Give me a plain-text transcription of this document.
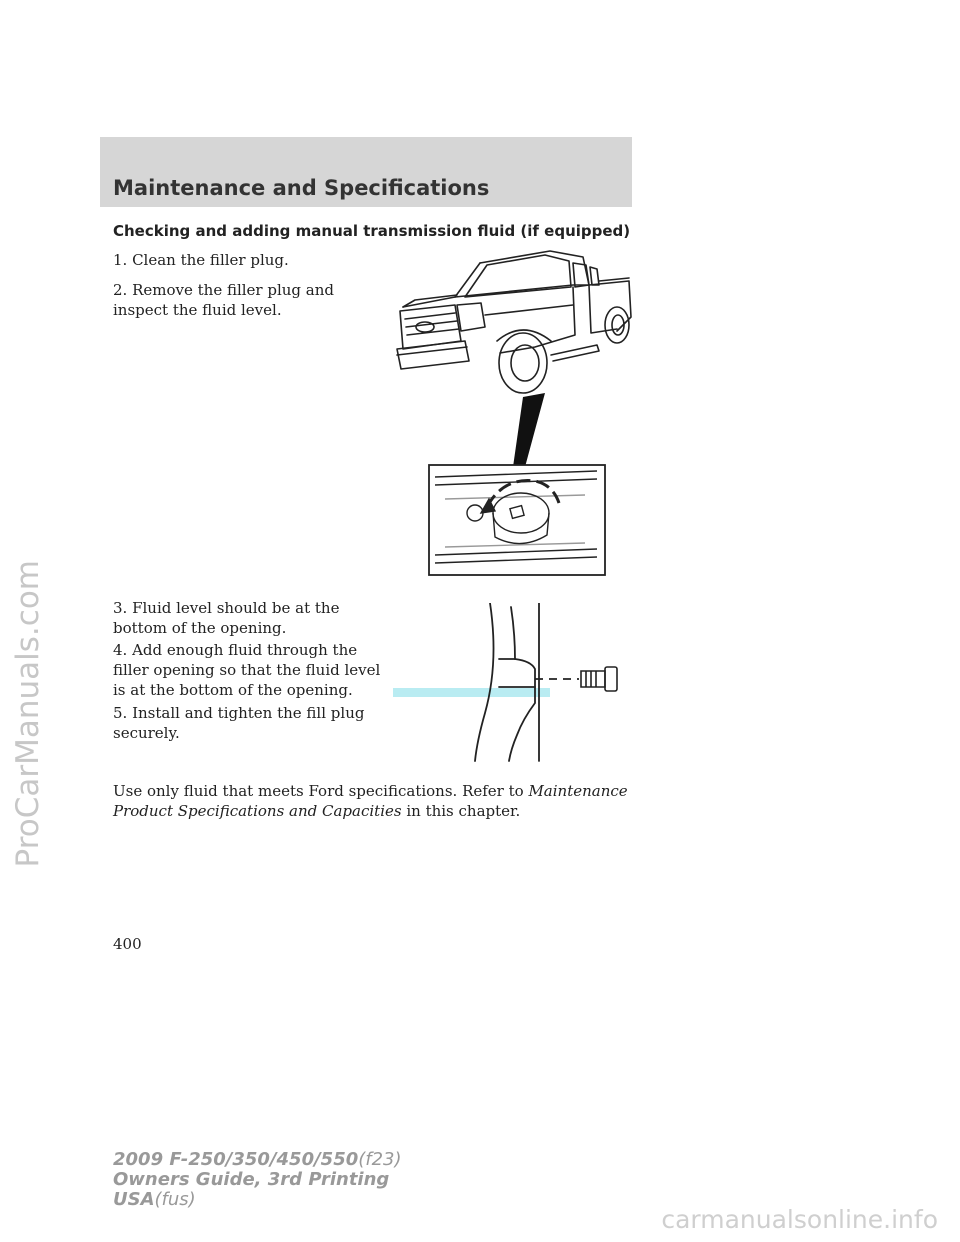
ProCarManuals.com
carmanualsonline.info
Maintenance and Specifications
Checking and adding manual transmission fluid (if equipped)

1. Clean the filler plug.

2. Remove the filler plug and inspect the fluid level.

3. Fluid level should be at the bottom of the opening.

4. Add enough fluid through the filler opening so that the fluid level is at the bottom of the opening.

5. Install and tighten the fill plug securely.

Use only fluid that meets Ford specifications. Refer to Maintenance Product Specifications and Capacities in this chapter.

400

2009 F-250/350/450/550(f23)
Owners Guide, 3rd Printing
USA(fus)
